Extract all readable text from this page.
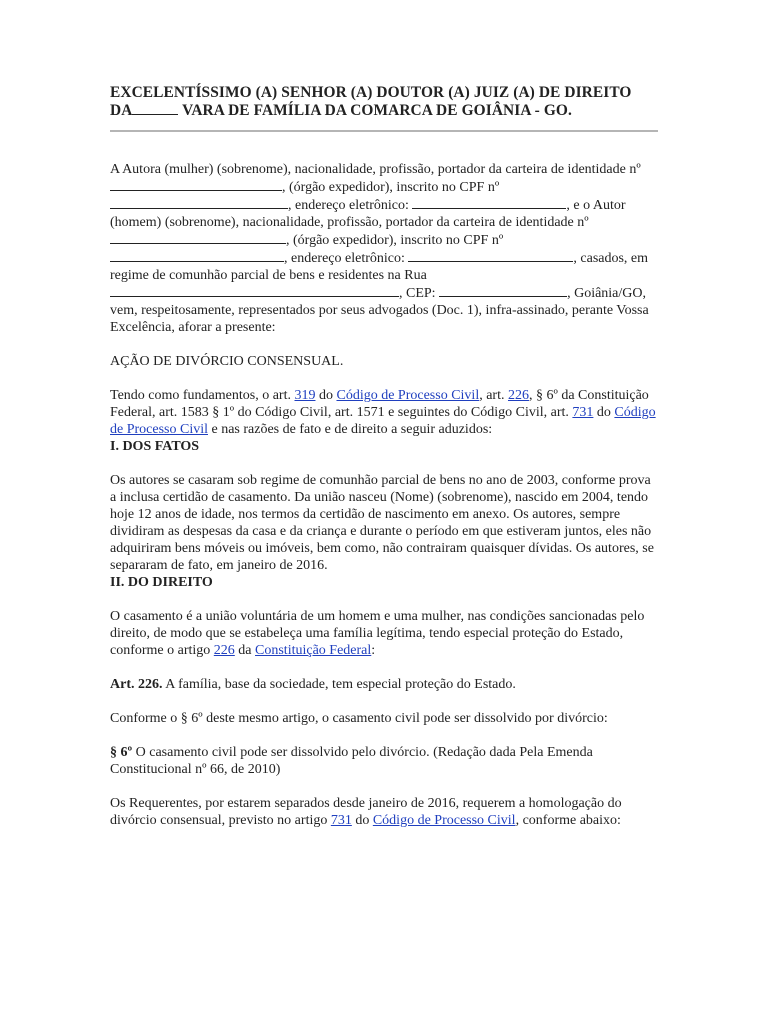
EXCELENTÍSSIMO (A) SENHOR (A) DOUTOR (A) JUIZ (A) DE DIREITO
DA	VARA DE FAMÍLIA DA COMARCA DE GOIÂNIA - GO.

A Autora (mulher) (sobrenome), nacionalidade, profissão, portador da carteira de identidade nº , (órgão expedidor), inscrito no CPF nº , endereço eletrônico:	, e o Autor (homem) (sobrenome), nacionalidade, profissão, portador da carteira de identidade nº , (órgão expedidor), inscrito no CPF nº , endereço eletrônico:	, casados, em regime de comunhão parcial de bens e residentes na Rua , CEP:	, Goiânia/GO, vem, respeitosamente, representados por seus advogados (Doc. 1), infra-assinado, perante Vossa Excelência, aforar a presente:

AÇÃO DE DIVÓRCIO CONSENSUAL.

Tendo como fundamentos, o art. 319 do Código de Processo Civil, art. 226, § 6º da Constituição Federal, art. 1583 § 1º do Código Civil, art. 1571 e seguintes do Código Civil, art. 731 do Código de Processo Civil e nas razões de fato e de direito a seguir aduzidos:

I. DOS FATOS

Os autores se casaram sob regime de comunhão parcial de bens no ano de 2003, conforme prova a inclusa certidão de casamento. Da união nasceu (Nome) (sobrenome), nascido em 2004, tendo hoje 12 anos de idade, nos termos da certidão de nascimento em anexo. Os autores, sempre dividiram as despesas da casa e da criança e durante o período em que estiveram juntos, eles não adquiriram bens móveis ou imóveis, bem como, não contrairam quaisquer dívidas. Os autores, se separaram de fato, em janeiro de 2016.

II. DO DIREITO

O casamento é a união voluntária de um homem e uma mulher, nas condições sancionadas pelo direito, de modo que se estabeleça uma família legítima, tendo especial proteção do Estado, conforme o artigo 226 da Constituição Federal:

Art. 226. A família, base da sociedade, tem especial proteção do Estado.

Conforme o § 6º deste mesmo artigo, o casamento civil pode ser dissolvido por divórcio:

§ 6º O casamento civil pode ser dissolvido pelo divórcio. (Redação dada Pela Emenda Constitucional nº 66, de 2010)

Os Requerentes, por estarem separados desde janeiro de 2016, requerem a homologação do divórcio consensual, previsto no artigo 731 do Código de Processo Civil, conforme abaixo:
